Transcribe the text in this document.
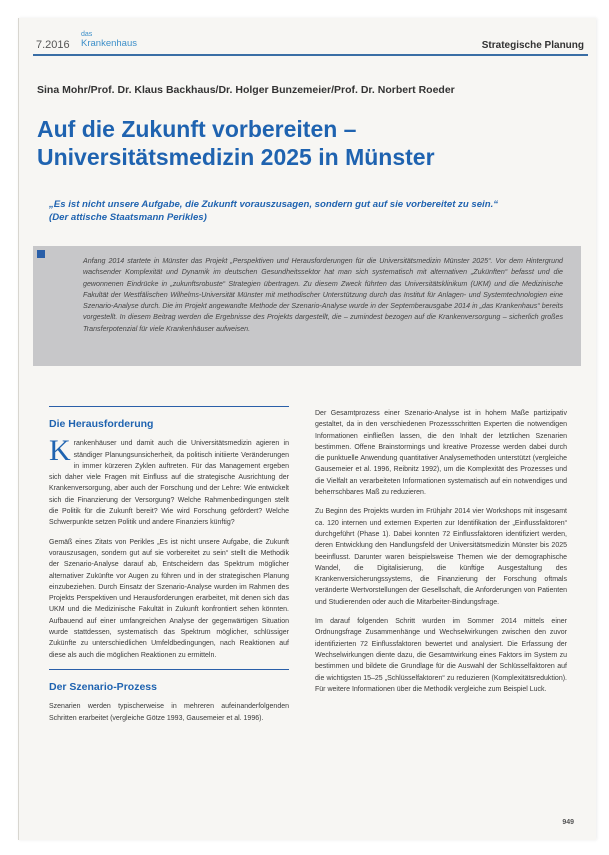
7.2016
das
Krankenhaus	Strategische Planung
Sina Mohr/Prof. Dr. Klaus Backhaus/Dr. Holger Bunzemeier/Prof. Dr. Norbert Roeder
Auf die Zukunft vorbereiten –
Universitätsmedizin 2025 in Münster
„Es ist nicht unsere Aufgabe, die Zukunft vorauszusagen, sondern gut auf sie vorbereitet zu sein.“
(Der attische Staatsmann Perikles)

Anfang 2014 startete in Münster das Projekt „Perspektiven und Herausforderungen für die Universitätsmedizin Münster 2025“. Vor dem Hintergrund wachsender Komplexität und Dynamik im deutschen Gesundheitssektor hat man sich systematisch mit alternativen „Zukünften“ befasst und die gewonnenen Eindrücke in „zukunftsrobuste“ Strategien übertragen. Zu diesem Zweck führten das Universitätsklinikum (UKM) und die Medizinische Fakultät der Westfälischen Wilhelms-Universität Münster mit methodischer Unterstützung durch das Institut für Anlagen- und Systemtechnologien eine Szenario-Analyse durch. Die im Projekt angewandte Methode der Szenario-Analyse wurde in der Septemberausgabe 2014 in „das Krankenhaus“ bereits vorgestellt. In diesem Beitrag werden die Ergebnisse des Projekts dargestellt, die – zumindest bezogen auf die Krankenversorgung – sicherlich großes Transferpotenzial für viele Krankenhäuser aufweisen.

Die Herausforderung

Krankenhäuser und damit auch die Universitätsmedizin agieren in ständiger Planungsunsicherheit, da politisch initiierte Veränderungen in immer kürzeren Zyklen auftreten. Für das Management ergeben sich daher viele Fragen mit Einfluss auf die strategische Ausrichtung der Krankenversorgung, aber auch der Forschung und der Lehre: Wie entwickelt sich die Finanzierung der Versorgung? Welche Rahmenbedingungen stellt die Politik für die Zukunft bereit? Wie wird Forschung gefördert? Welche Schwerpunkte setzen Politik und andere Finanziers künftig?

Gemäß eines Zitats von Perikles „Es ist nicht unsere Aufgabe, die Zukunft vorauszusagen, sondern gut auf sie vorbereitet zu sein“ stellt die Methodik der Szenario-Analyse darauf ab, Entscheidern das Spektrum möglicher alternativer Zukünfte vor Augen zu führen und in der strategischen Planung einzubeziehen. Durch Einsatz der Szenario-Analyse wurden im Rahmen des Projekts Perspektiven und Herausforderungen erarbeitet, mit denen sich das UKM und die Medizinische Fakultät in Zukunft konfrontiert sehen könnten. Aufbauend auf einer umfangreichen Analyse der gegenwärtigen Situation wurde stattdessen, systematisch das Spektrum möglicher, schlüssiger Zukünfte zu unterschiedlichen Umfeldbedingungen, nach Reaktionen auf diese als auch die möglichen Reaktionen zu ermitteln.

Der Szenario-Prozess

Szenarien werden typischerweise in mehreren aufeinanderfolgenden Schritten erarbeitet (vergleiche Götze 1993, Gausemeier et al. 1996).

Der Gesamtprozess einer Szenario-Analyse ist in hohem Maße partizipativ gestaltet, da in den verschiedenen Prozessschritten Experten die notwendigen Informationen einfließen lassen, die den Inhalt der letztlichen Szenarien bestimmen. Offene Brainstormings und kreative Prozesse werden dabei durch die punktuelle Anwendung quantitativer Analysemethoden unterstützt (vergleiche Gausemeier et al. 1996, Reibnitz 1992), um die Komplexität des Prozesses und die Vielfalt an verarbeiteten Informationen systematisch auf ein notwendiges und beherrschbares Maß zu reduzieren.

Zu Beginn des Projekts wurden im Frühjahr 2014 vier Workshops mit insgesamt ca. 120 internen und externen Experten zur Identifikation der „Einflussfaktoren“ durchgeführt (Phase 1). Dabei konnten 72 Einflussfaktoren identifiziert werden, deren Entwicklung den Handlungsfeld der Universitätsmedizin Münster bis 2025 beeinflusst. Darunter waren beispielsweise Themen wie der demographische Wandel, die Digitalisierung, die künftige Ausgestaltung des Krankenversicherungssystems, die Finanzierung der Forschung oftmals veränderte Wertvorstellungen der Gesellschaft, die Anforderungen von Patienten und Studierenden oder auch die Mitarbeiter-Bindungsfrage.

Im darauf folgenden Schritt wurden im Sommer 2014 mittels einer Ordnungsfrage Zusammenhänge und Wechselwirkungen zwischen den zuvor identifizierten 72 Einflussfaktoren bewertet und analysiert. Die Erfassung der Wechselwirkungen diente dazu, die Gesamtwirkung eines Faktors im System zu bestimmen und bildete die Grundlage für die Auswahl der Schlüsselfaktoren auf die wichtigsten 15–25 „Schlüsselfaktoren“ zu reduzieren (Komplexitätsreduktion). Für weitere Informationen über die Methodik vergleiche zum Beispiel Luck.

949
